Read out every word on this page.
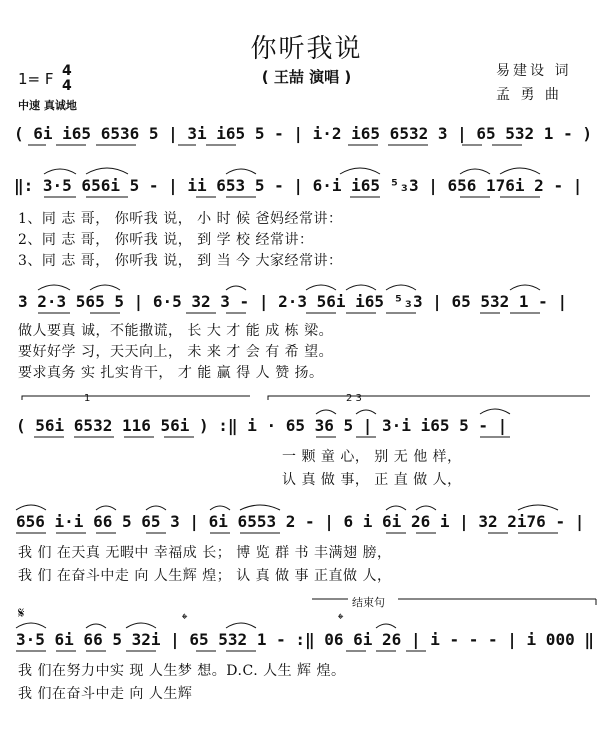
你听我说
( 王喆 演唱 )	易建设 词
孟 勇 曲
1= F 4
4
中速 真诚地
( 6i i65 6536 5 | 3i i65 5 - | i·2 i65 6532 3 | 65 532 1 - )
‖: 3·5 656i 5 - | ii 653 5 - | 6·i i65 ⁵₃3 | 656 176i 2 - |
1、同 志 哥， 你听我 说， 小 时 候 爸妈经常讲：
2、同 志 哥， 你听我 说， 到 学 校 经常讲：
3、同 志 哥， 你听我 说， 到 当 今 大家经常讲：
3 2·3 565 5 | 6·5 32 3 - | 2·3 56i i65 ⁵₃3 | 65 532 1 - |
做人要真 诚，不能撒谎， 长 大 才 能 成 栋 梁。
要好好学 习，天天向上， 未 来 才 会 有 希 望。
要求真务 实 扎实肯干， 才 能 赢 得 人 赞 扬。
1	2 3
( 56i 6532 116 56i ) :‖ i · 65 36 5 | 3·i i65 5 - |
一 颗 童 心， 别 无 他 样，
认 真 做 事， 正 直 做 人，
656 i·i 66 5 65 3 | 6i 6553 2 - | 6 i 6i 26 i | 32 2i76 - |
我 们 在天真 无暇中 幸福成 长； 博 览 群 书 丰满翅 膀，
我 们 在奋斗中走 向 人生辉 煌； 认 真 做 事 正直做 人，
𝄋	𝄌	𝄌
结束句
3·5 6i 66 5 32i | 65 532 1 - :‖ 06 6i 26 | i - - - | i 000 ‖
我 们在努力中实 现 人生梦 想。D.C. 人生 辉 煌。
我 们在奋斗中走 向 人生辉
